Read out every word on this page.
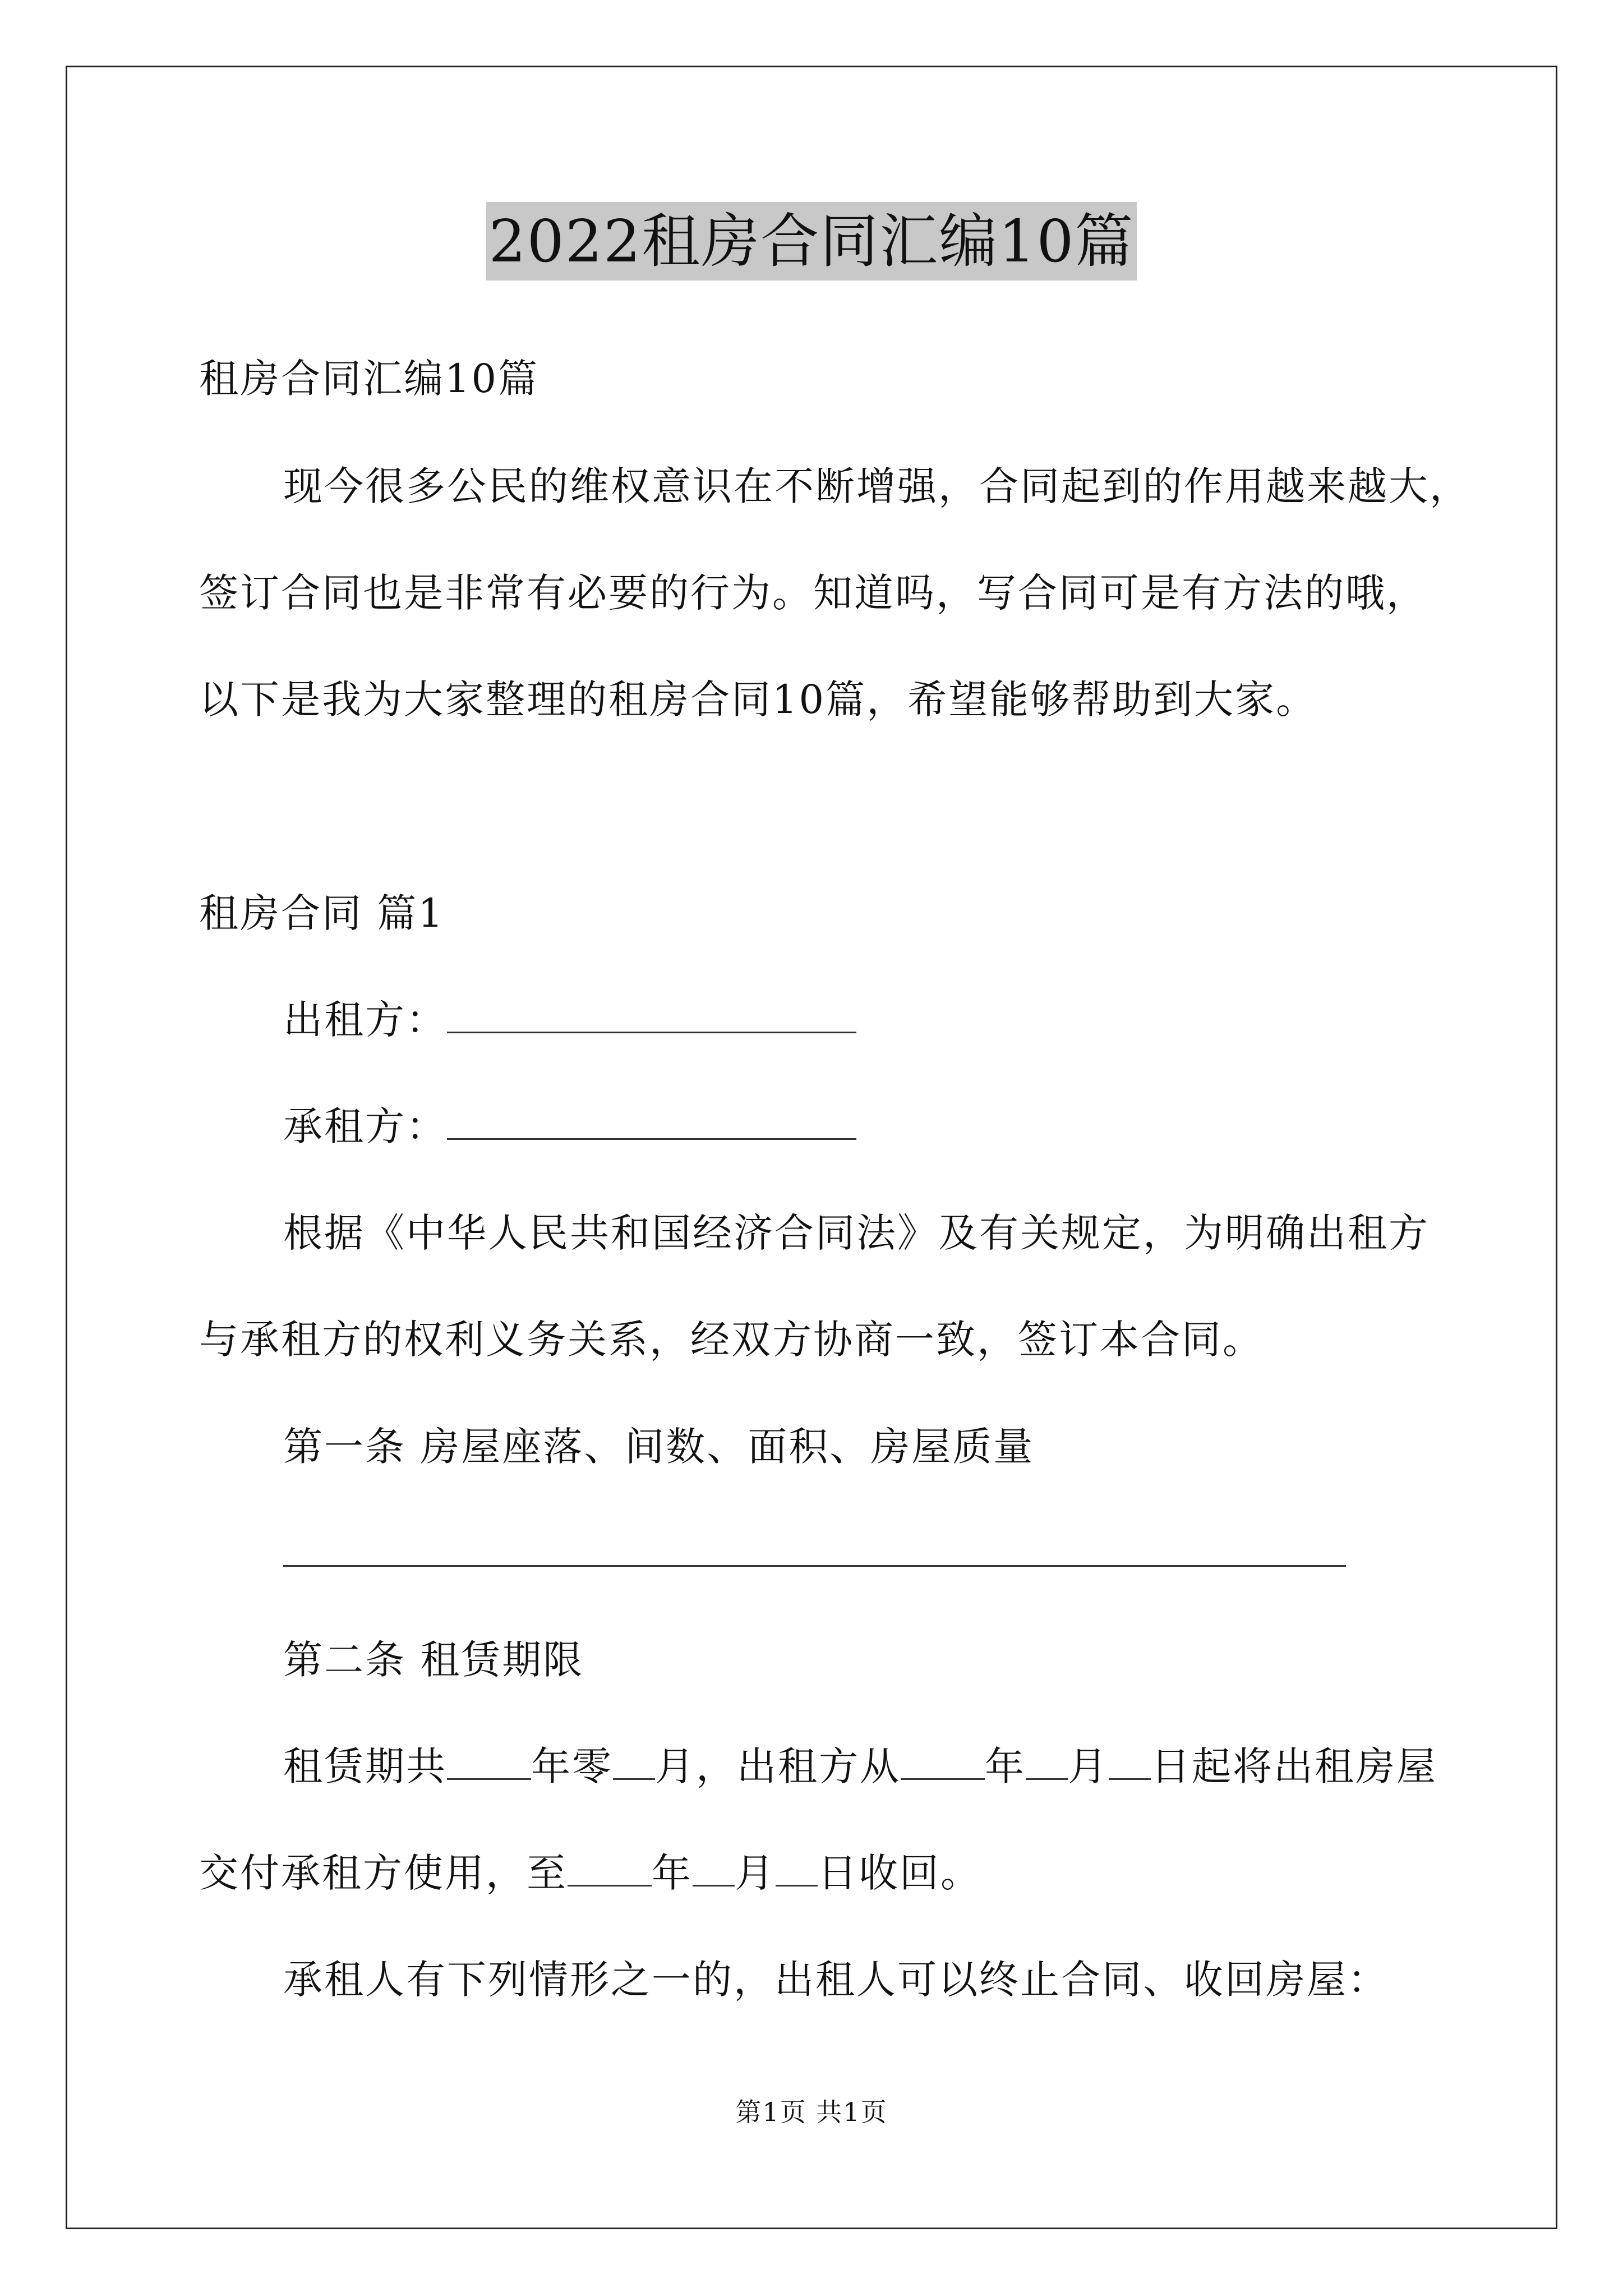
2022租房合同汇编10篇
租房合同汇编10篇
现今很多公民的维权意识在不断增强，合同起到的作用越来越大，
签订合同也是非常有必要的行为。知道吗，写合同可是有方法的哦，
以下是我为大家整理的租房合同10篇，希望能够帮助到大家。
租房合同 篇1
出租方：
承租方：
根据《中华人民共和国经济合同法》及有关规定，为明确出租方
与承租方的权利义务关系，经双方协商一致，签订本合同。
第一条 房屋座落、间数、面积、房屋质量
第二条 租赁期限
租赁期共 年零 月，出租方从 年 月 日起将出租房屋
交付承租方使用，至 年 月 日收回。
承租人有下列情形之一的，出租人可以终止合同、收回房屋：
第1页 共1页
